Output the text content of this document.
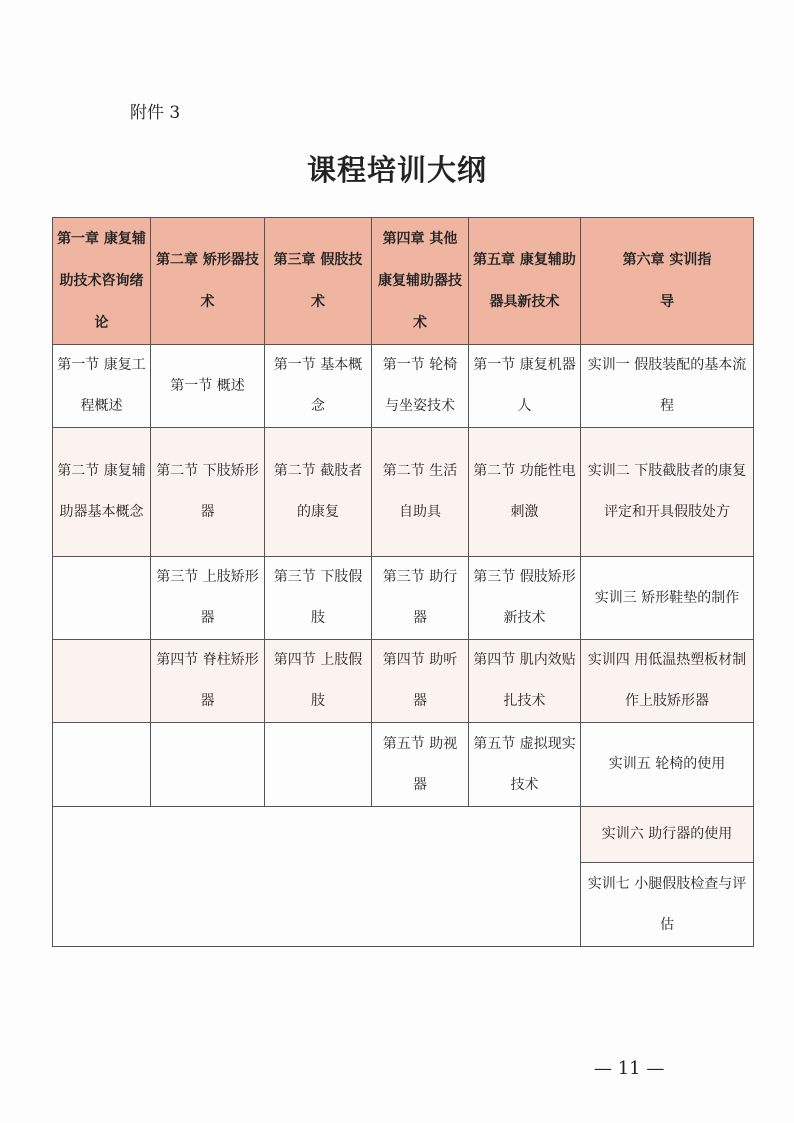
附件 3
课程培训大纲
第一章 康复辅助技术咨询绪论	第二章 矫形器技术	第三章 假肢技术	第四章 其他康复辅助器技术	第五章 康复辅助器具新技术	第六章 实训指导
第一节 康复工程概述	第一节 概述	第一节 基本概念	第一节 轮椅与坐姿技术	第一节 康复机器人	实训一 假肢装配的基本流程
第二节 康复辅助器基本概念	第二节 下肢矫形器	第二节 截肢者的康复	第二节 生活自助具	第二节 功能性电刺激	实训二 下肢截肢者的康复评定和开具假肢处方
	第三节 上肢矫形器	第三节 下肢假肢	第三节 助行器	第三节 假肢矫形新技术	实训三 矫形鞋垫的制作
	第四节 脊柱矫形器	第四节 上肢假肢	第四节 助听器	第四节 肌内效贴扎技术	实训四 用低温热塑板材制作上肢矫形器
			第五节 助视器	第五节 虚拟现实技术	实训五 轮椅的使用
					实训六 助行器的使用
					实训七 小腿假肢检查与评估
— 11 —
